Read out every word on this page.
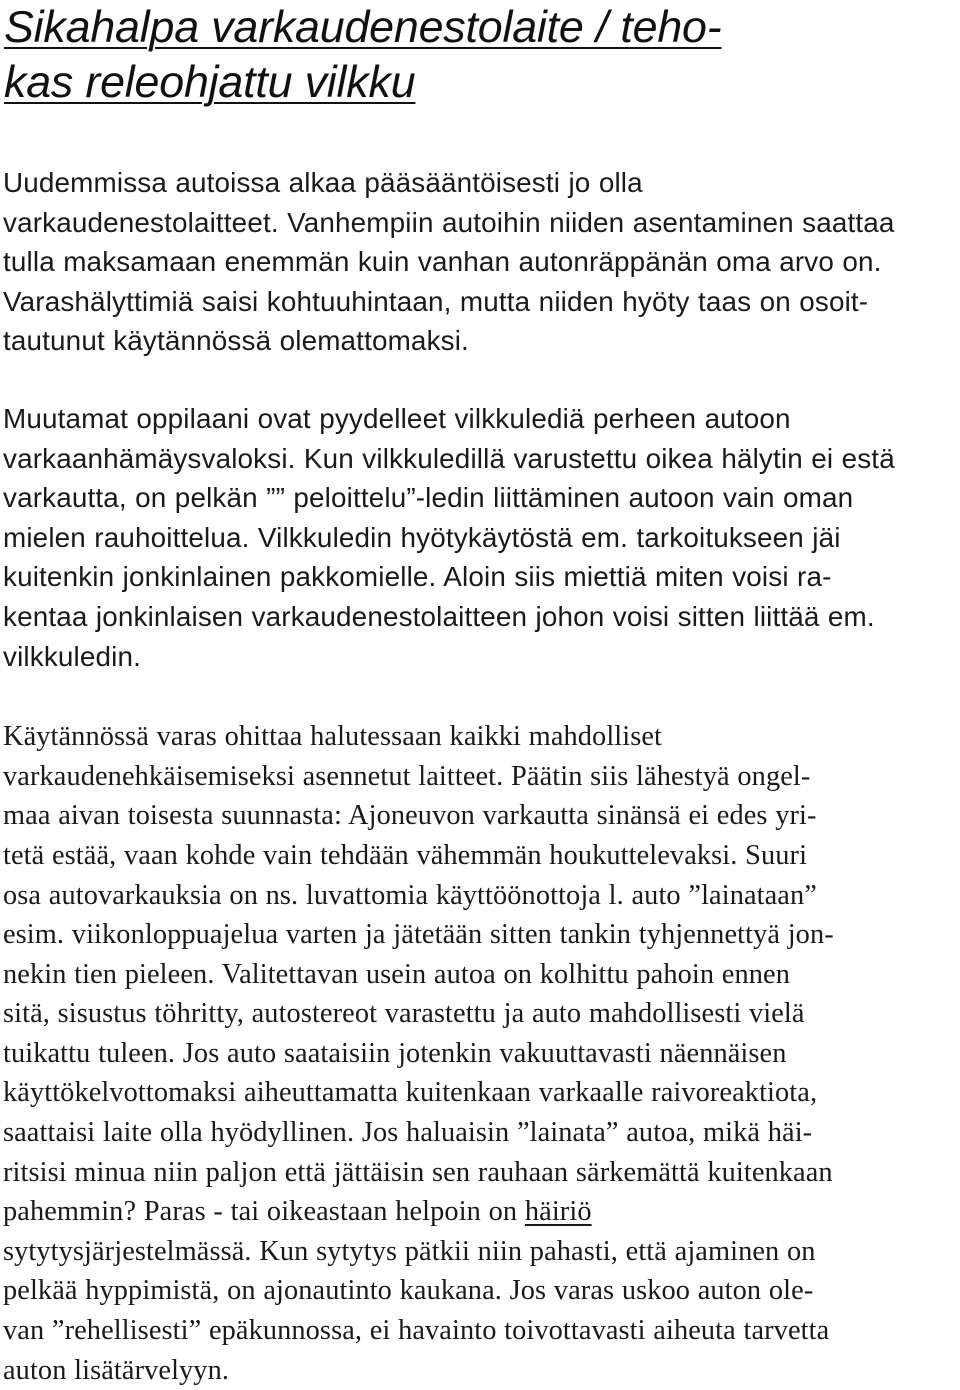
Sikahalpa varkaudenestolaite / teho-
kas releohjattu vilkku

Uudemmissa autoissa alkaa pääsääntöisesti jo olla
varkaudenestolaitteet. Vanhempiin autoihin niiden asentaminen saattaa
tulla maksamaan enemmän kuin vanhan autonräppänän oma arvo on.
Varashälyttimiä saisi kohtuuhintaan, mutta niiden hyöty taas on osoit-
tautunut käytännössä olemattomaksi.

Muutamat oppilaani ovat pyydelleet vilkkulediä perheen autoon
varkaanhämäysvaloksi. Kun vilkkuledillä varustettu oikea hälytin ei estä
varkautta, on pelkän ”” peloittelu”-ledin liittäminen autoon vain oman
mielen rauhoittelua. Vilkkuledin hyötykäytöstä em. tarkoitukseen jäi
kuitenkin jonkinlainen pakkomielle. Aloin siis miettiä miten voisi ra-
kentaa jonkinlaisen varkaudenestolaitteen johon voisi sitten liittää em.
vilkkuledin.

Käytännössä varas ohittaa halutessaan kaikki mahdolliset
varkaudenehkäisemiseksi asennetut laitteet. Päätin siis lähestyä ongel-
maa aivan toisesta suunnasta: Ajoneuvon varkautta sinänsä ei edes yri-
tetä estää, vaan kohde vain tehdään vähemmän houkuttelevaksi. Suuri
osa autovarkauksia on ns. luvattomia käyttöönottoja l. auto ”lainataan”
esim. viikonloppuajelua varten ja jätetään sitten tankin tyhjennettyä jon-
nekin tien pieleen. Valitettavan usein autoa on kolhittu pahoin ennen
sitä, sisustus töhritty, autostereot varastettu ja auto mahdollisesti vielä
tuikattu tuleen. Jos auto saataisiin jotenkin vakuuttavasti näennäisen
käyttökelvottomaksi aiheuttamatta kuitenkaan varkaalle raivoreaktiota,
saattaisi laite olla hyödyllinen. Jos haluaisin ”lainata” autoa, mikä häi-
ritsisi minua niin paljon että jättäisin sen rauhaan särkemättä kuitenkaan
pahemmin? Paras - tai oikeastaan helpoin on häiriö
sytytysjärjestelmässä. Kun sytytys pätkii niin pahasti, että ajaminen on
pelkää hyppimistä, on ajonautinto kaukana. Jos varas uskoo auton ole-
van ”rehellisesti” epäkunnossa, ei havainto toivottavasti aiheuta tarvetta
auton lisätärvelyyn.
